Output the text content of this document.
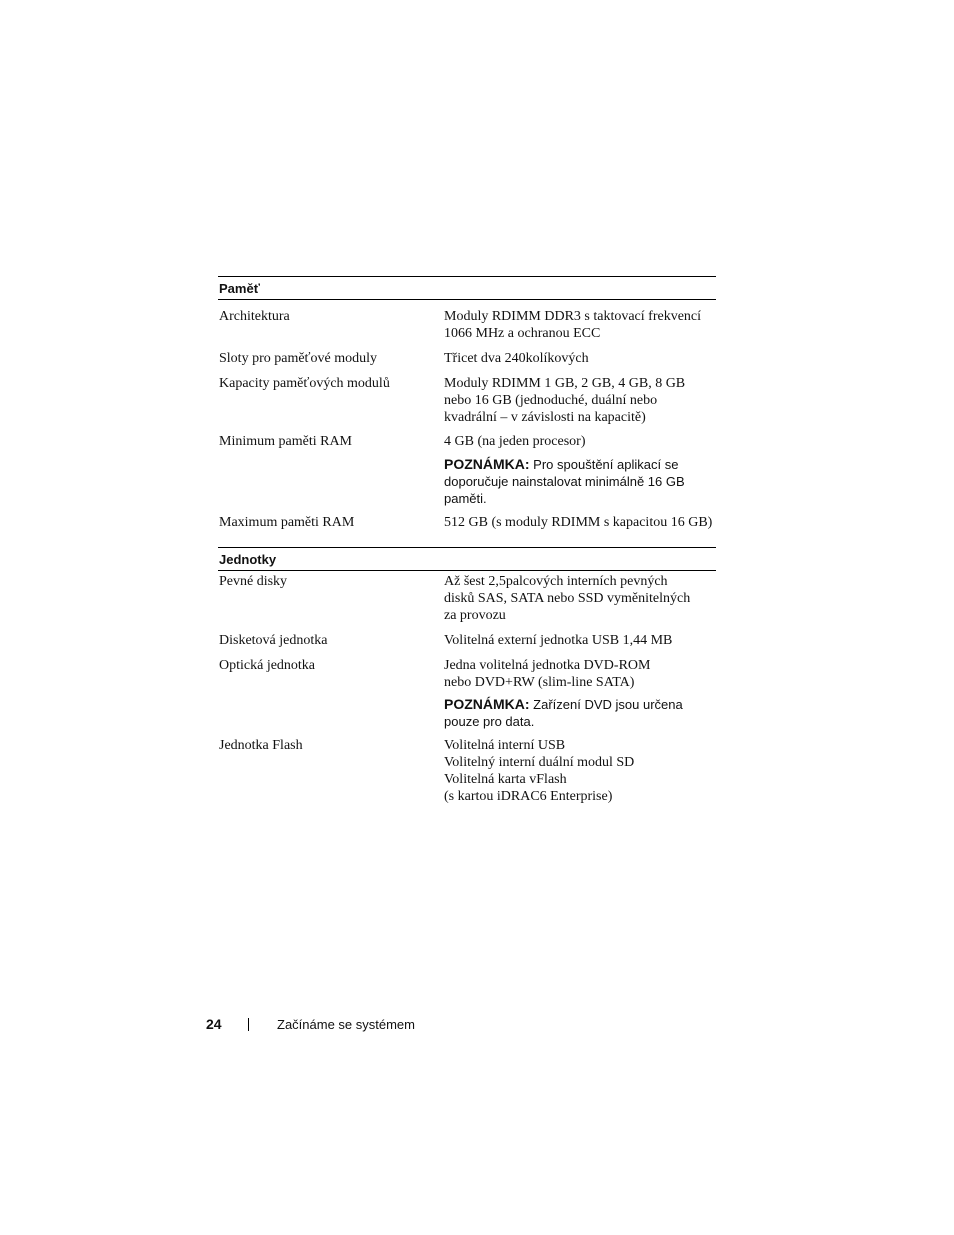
Paměť
Architektura	Moduly RDIMM DDR3 s taktovací frekvencí
1066 MHz a ochranou ECC
Sloty pro paměťové moduly	Třicet dva 240kolíkových
Kapacity paměťových modulů	Moduly RDIMM 1 GB, 2 GB, 4 GB, 8 GB
nebo 16 GB (jednoduché, duální nebo
kvadrální – v závislosti na kapacitě)
Minimum paměti RAM	4 GB (na jeden procesor)
POZNÁMKA: Pro spouštění aplikací se
doporučuje nainstalovat minimálně 16 GB
paměti.
Maximum paměti RAM	512 GB (s moduly RDIMM s kapacitou 16 GB)
Jednotky
Pevné disky	Až šest 2,5palcových interních pevných
disků SAS, SATA nebo SSD vyměnitelných
za provozu
Disketová jednotka	Volitelná externí jednotka USB 1,44 MB
Optická jednotka	Jedna volitelná jednotka DVD-ROM
nebo DVD+RW (slim-line SATA)
POZNÁMKA: Zařízení DVD jsou určena
pouze pro data.
Jednotka Flash	Volitelná interní USB
Volitelný interní duální modul SD
Volitelná karta vFlash
(s kartou iDRAC6 Enterprise)
24	Začínáme se systémem
